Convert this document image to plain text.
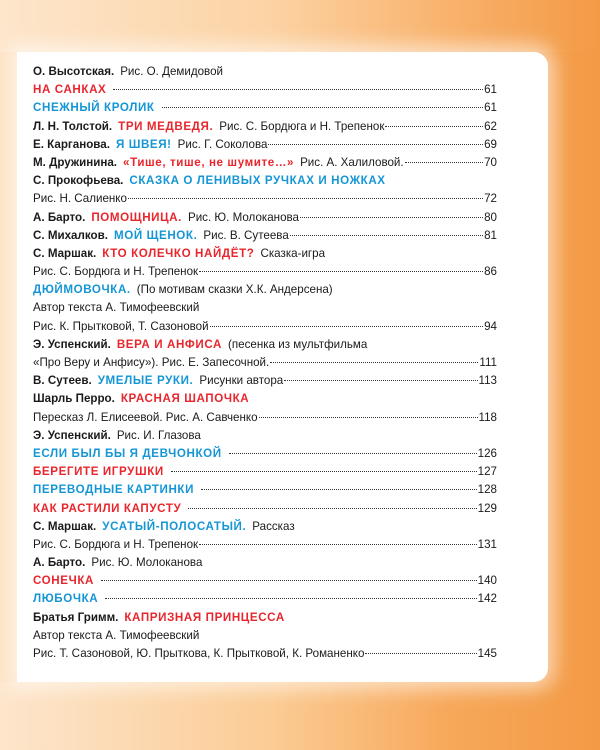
О. Высотская. Рис. О. Демидовой
НА САНКАХ	61
СНЕЖНЫЙ КРОЛИК	61
Л. Н. Толстой. ТРИ МЕДВЕДЯ. Рис. С. Бордюга и Н. Трепенок	62
Е. Карганова. Я ШВЕЯ! Рис. Г. Соколова	69
М. Дружинина. «Тише, тише, не шумите…» Рис. А. Халиловой.	70
С. Прокофьева. СКАЗКА О ЛЕНИВЫХ РУЧКАХ И НОЖКАХ
Рис. Н. Салиенко	72
А. Барто. ПОМОЩНИЦА. Рис. Ю. Молоканова	80
С. Михалков. МОЙ ЩЕНОК. Рис. В. Сутеева	81
С. Маршак. КТО КОЛЕЧКО НАЙДЁТ? Сказка-игра
Рис. С. Бордюга и Н. Трепенок	86
ДЮЙМОВОЧКА. (По мотивам сказки Х.К. Андерсена)
Автор текста А. Тимофеевский
Рис. К. Прытковой, Т. Сазоновой	94
Э. Успенский. ВЕРА И АНФИСА (песенка из мультфильма
«Про Веру и Анфису»). Рис. Е. Запесочной.	111
В. Сутеев. УМЕЛЫЕ РУКИ. Рисунки автора	113
Шарль Перро. КРАСНАЯ ШАПОЧКА
Пересказ Л. Елисеевой. Рис. А. Савченко	118
Э. Успенский. Рис. И. Глазова
ЕСЛИ БЫЛ БЫ Я ДЕВЧОНКОЙ	126
БЕРЕГИТЕ ИГРУШКИ	127
ПЕРЕВОДНЫЕ КАРТИНКИ	128
КАК РАСТИЛИ КАПУСТУ	129
С. Маршак. УСАТЫЙ-ПОЛОСАТЫЙ. Рассказ
Рис. С. Бордюга и Н. Трепенок	131
А. Барто. Рис. Ю. Молоканова
СОНЕЧКА	140
ЛЮБОЧКА	142
Братья Гримм. КАПРИЗНАЯ ПРИНЦЕССА
Автор текста А. Тимофеевский
Рис. Т. Сазоновой, Ю. Прыткова, К. Прытковой, К. Романенко	145
